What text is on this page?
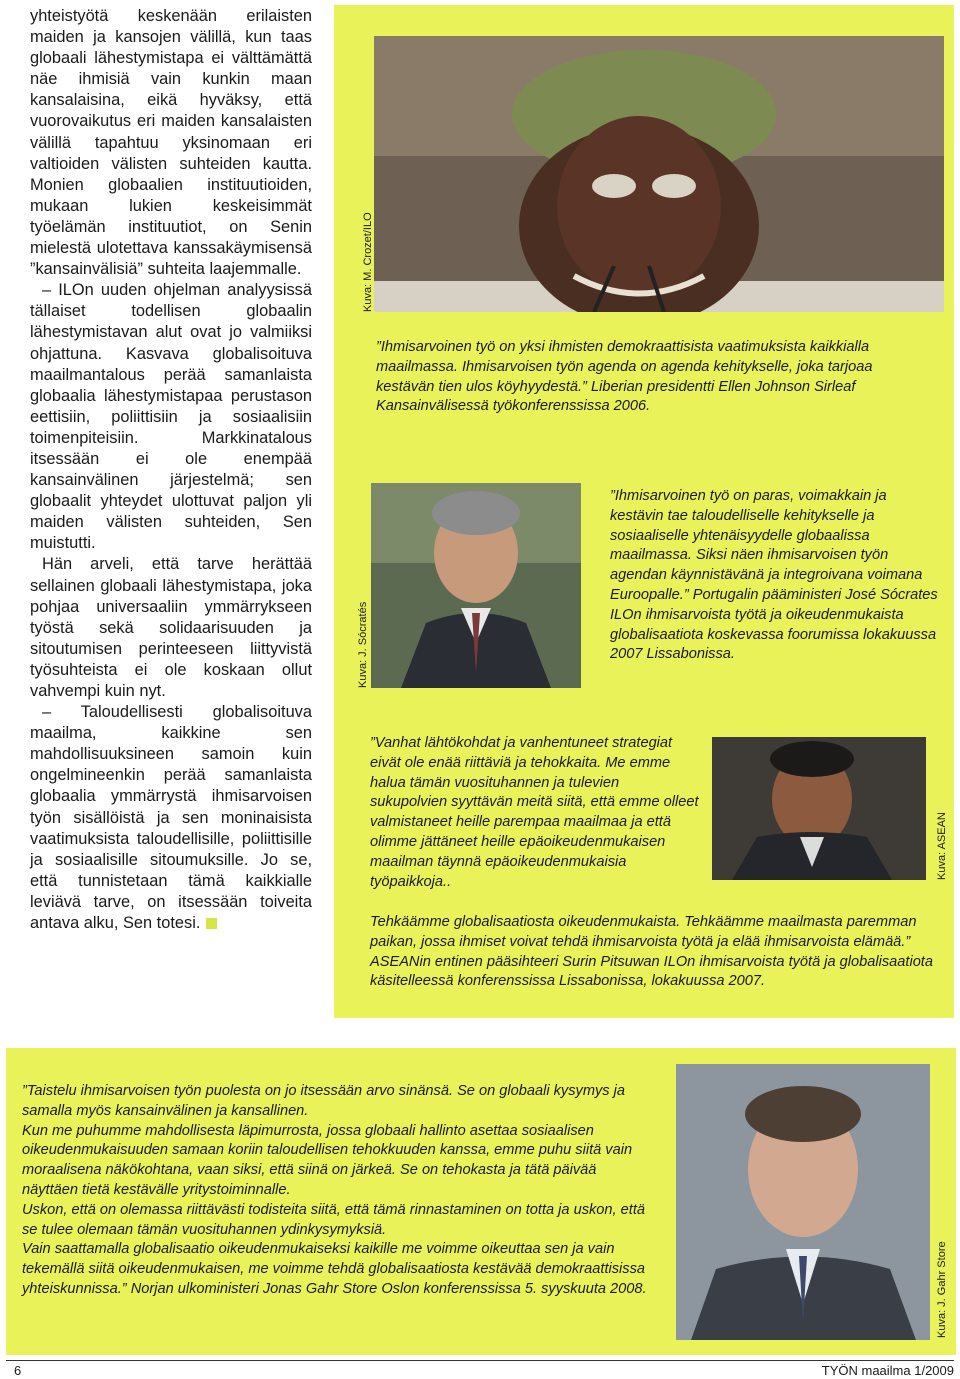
yhteistyötä keskenään erilaisten maiden ja kansojen välillä, kun taas globaali lähestymistapa ei välttämättä näe ihmisiä vain kunkin maan kansalaisina, eikä hyväksy, että vuorovaikutus eri maiden kansalaisten välillä tapahtuu yksinomaan eri valtioiden välisten suhteiden kautta. Monien globaalien instituutioiden, mukaan lukien keskeisimmät työelämän instituutiot, on Senin mielestä ulotettava kanssakäymisensä ”kansainvälisiä” suhteita laajemmalle.

– ILOn uuden ohjelman analyysissä tällaiset todellisen globaalin lähestymistavan alut ovat jo valmiiksi ohjattuna. Kasvava globalisoituva maailmantalous perää samanlaista globaalia lähestymistapaa perustason eettisiin, poliittisiin ja sosiaalisiin toimenpiteisiin. Markkinatalous itsessään ei ole enempää kansainvälinen järjestelmä; sen globaalit yhteydet ulottuvat paljon yli maiden välisten suhteiden, Sen muistutti.

Hän arveli, että tarve herättää sellainen globaali lähestymistapa, joka pohjaa universaaliin ymmärrykseen työstä sekä solidaarisuuden ja sitoutumisen perinteeseen liittyvistä työsuhteista ei ole koskaan ollut vahvempi kuin nyt.

– Taloudellisesti globalisoituva maailma, kaikkine sen mahdollisuuksineen samoin kuin ongelmineenkin perää samanlaista globaalia ymmärrystä ihmisarvoisen työn sisällöistä ja sen moninaisista vaatimuksista taloudellisille, poliittisille ja sosiaalisille sitoumuksille. Jo se, että tunnistetaan tämä kaikkialle leviävä tarve, on itsessään toiveita antava alku, Sen totesi.

Kuva: M. Crozet/ILO
”Ihmisarvoinen työ on yksi ihmisten demokraattisista vaatimuksista kaikkialla maailmassa. Ihmisarvoisen työn agenda on agenda kehitykselle, joka tarjoaa kestävän tien ulos köyhyydestä.” Liberian presidentti Ellen Johnson Sirleaf Kansainvälisessä työkonferenssissa 2006.
Kuva: J. Sócratés
”Ihmisarvoinen työ on paras, voimakkain ja kestävin tae taloudelliselle kehitykselle ja sosiaaliselle yhtenäisyydelle globaalissa maailmassa. Siksi näen ihmisarvoisen työn agendan käynnistävänä ja integroivana voimana Euroopalle.” Portugalin pääministeri José Sócrates ILOn ihmisarvoista työtä ja oikeudenmukaista globalisaatiota koskevassa foorumissa lokakuussa 2007 Lissabonissa.
Kuva: ASEAN
”Vanhat lähtökohdat ja vanhentuneet strategiat eivät ole enää riittäviä ja tehokkaita. Me emme halua tämän vuosituhannen ja tulevien sukupolvien syyttävän meitä siitä, että emme olleet valmistaneet heille parempaa maailmaa ja että olimme jättäneet heille epäoikeudenmukaisen maailman täynnä epäoikeudenmukaisia työpaikkoja..
Tehkäämme globalisaatiosta oikeudenmukaista. Tehkäämme maailmasta paremman paikan, jossa ihmiset voivat tehdä ihmisarvoista työtä ja elää ihmisarvoista elämää.” ASEANin entinen pääsihteeri Surin Pitsuwan ILOn ihmisarvoista työtä ja globalisaatiota käsitelleessä konferenssissa Lissabonissa, lokakuussa 2007.

”Taistelu ihmisarvoisen työn puolesta on jo itsessään arvo sinänsä. Se on globaali kysymys ja samalla myös kansainvälinen ja kansallinen.

Kun me puhumme mahdollisesta läpimurrosta, jossa globaali hallinto asettaa sosiaalisen oikeudenmukaisuuden samaan koriin taloudellisen tehokkuuden kanssa, emme puhu siitä vain moraalisena näkökohtana, vaan siksi, että siinä on järkeä. Se on tehokasta ja tätä päivää näyttäen tietä kestävälle yritystoiminnalle.

Uskon, että on olemassa riittävästi todisteita siitä, että tämä rinnastaminen on totta ja uskon, että se tulee olemaan tämän vuosituhannen ydinkysymyksiä.

Vain saattamalla globalisaatio oikeudenmukaiseksi kaikille me voimme oikeuttaa sen ja vain tekemällä siitä oikeudenmukaisen, me voimme tehdä globalisaatiosta kestävää demokraattisissa yhteiskunnissa.” Norjan ulkoministeri Jonas Gahr Store Oslon konferenssissa 5. syyskuuta 2008.	Kuva: J. Gahr Store
6	TYÖN maailma 1/2009
